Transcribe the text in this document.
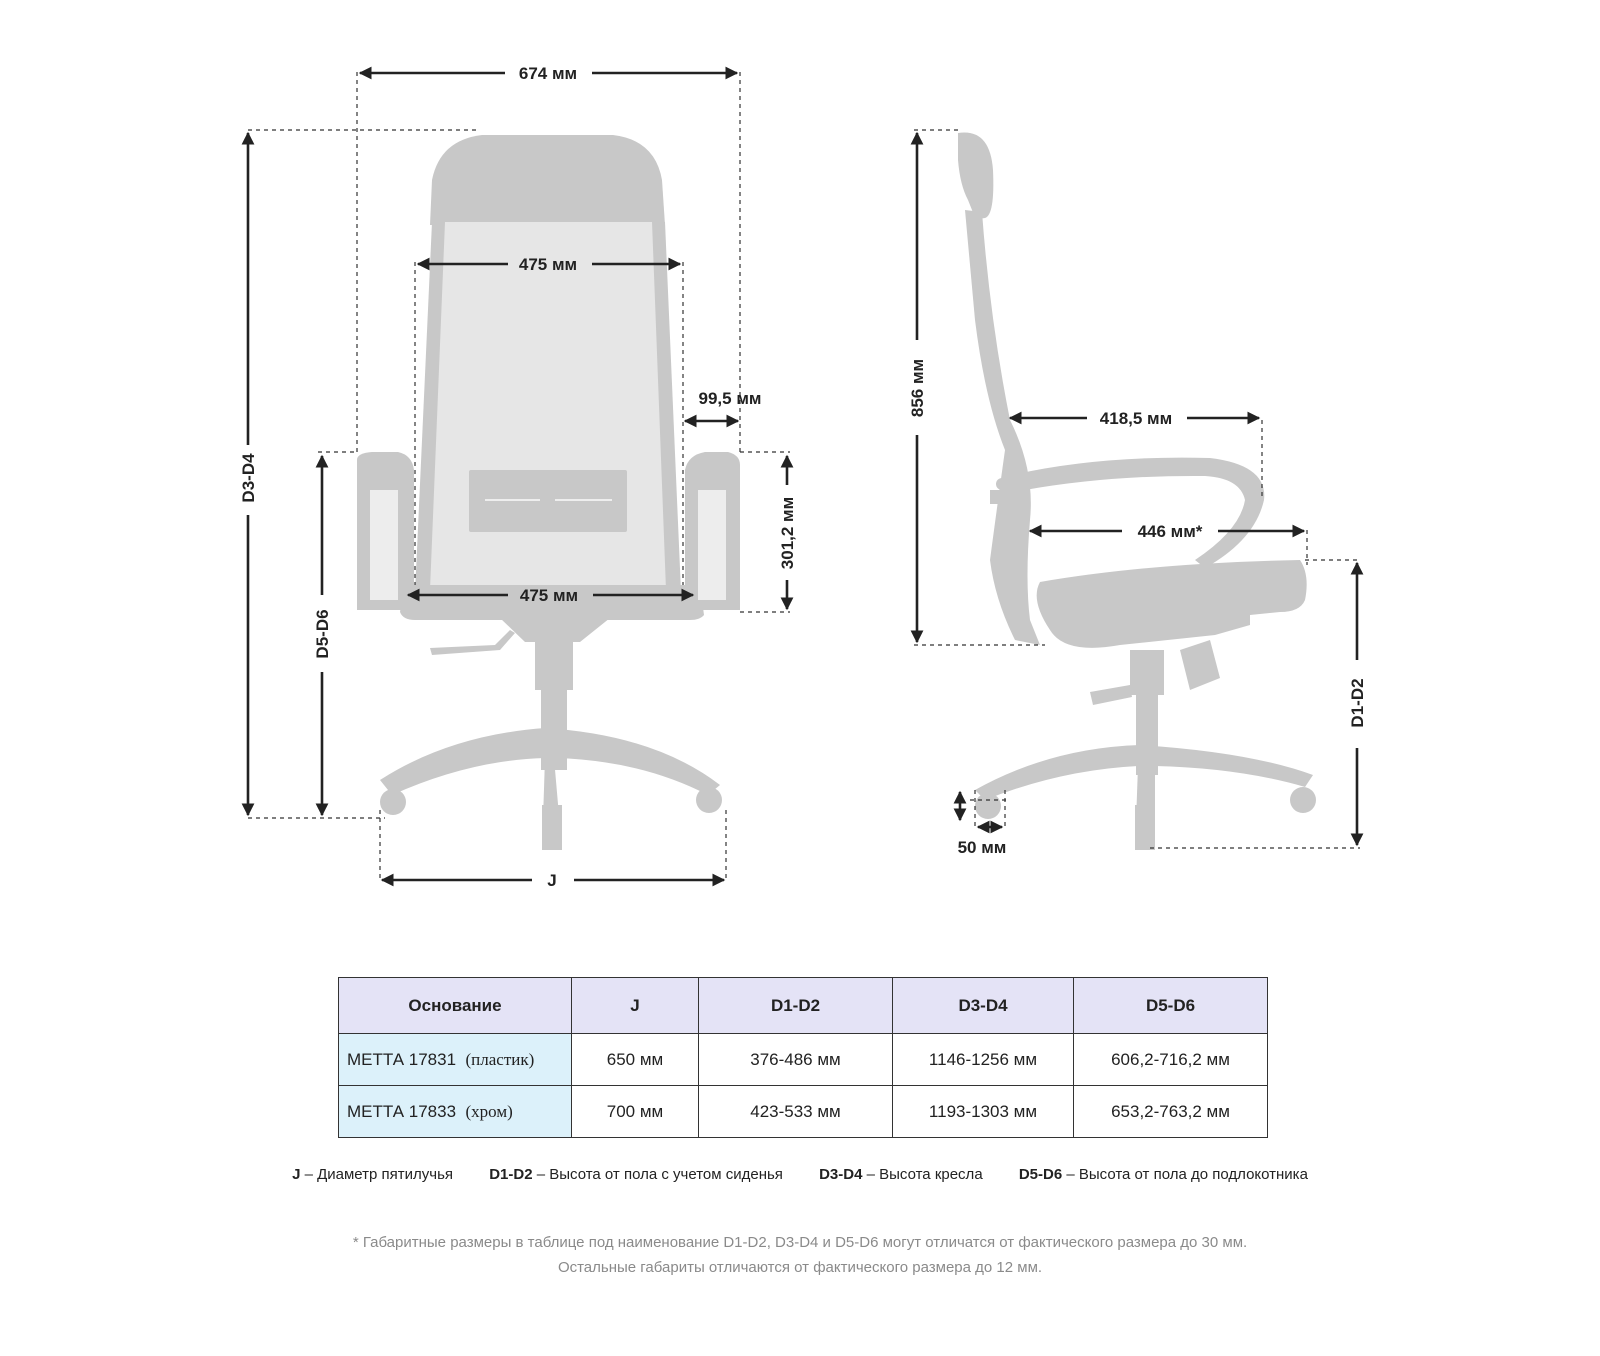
674 мм
475 мм
99,5 мм
475 мм
301,2 мм
D3-D4
D5-D6
J
856 мм
418,5 мм
446 мм*
D1-D2
50 мм
Основание	J	D1-D2	D3-D4	D5-D6
МЕТТА 17831 (пластик)	650 мм	376-486 мм	1146-1256 мм	606,2-716,2 мм
МЕТТА 17833 (хром)	700 мм	423-533 мм	1193-1303 мм	653,2-763,2 мм
J – Диаметр пятилучья D1-D2 – Высота от пола с учетом сиденья D3-D4 – Высота кресла D5-D6 – Высота от пола до подлокотника
* Габаритные размеры в таблице под наименование D1-D2, D3-D4 и D5-D6 могут отличатся от фактического размера до 30 мм.
Остальные габариты отличаются от фактического размера до 12 мм.
